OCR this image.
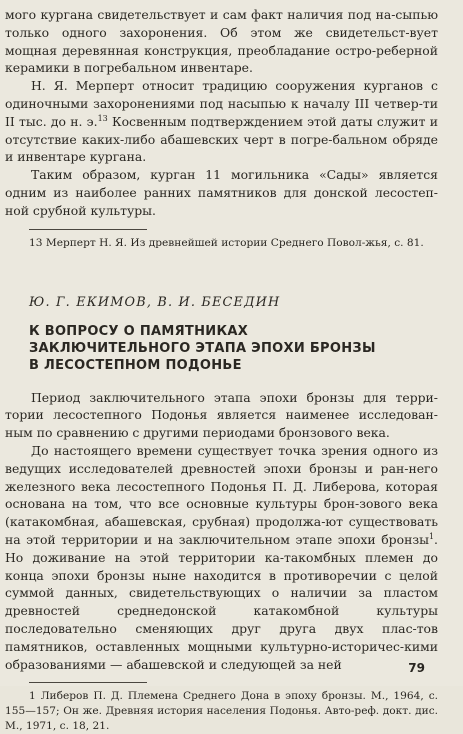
мого кургана свидетельствует и сам факт наличия под на-сыпью только одного захоронения. Об этом же свидетельст-вует мощная деревянная конструкция, преобладание остро-реберной керамики в погребальном инвентаре.

Н. Я. Мерперт относит традицию сооружения курганов с одиночными захоронениями под насыпью к началу III четвер-ти II тыс. до н. э.$^{13}$ Косвенным подтверждением этой даты служит и отсутствие каких-либо абашевских черт в погре-бальном обряде и инвентаре кургана.

Таким образом, курган 11 могильника «Сады» является одним из наиболее ранних памятников для донской лесостеп-ной срубной культуры.

13 Мерперт Н. Я. Из древнейшей истории Среднего Повол-жья, с. 81.

Ю. Г. ЕКИМОВ, В. И. БЕСЕДИН
К ВОПРОСУ О ПАМЯТНИКАХ
ЗАКЛЮЧИТЕЛЬНОГО ЭТАПА ЭПОХИ БРОНЗЫ
В ЛЕСОСТЕПНОМ ПОДОНЬЕ

Период заключительного этапа эпохи бронзы для терри-тории лесостепного Подонья является наименее исследован-ным по сравнению с другими периодами бронзового века.

До настоящего времени существует точка зрения одного из ведущих исследователей древностей эпохи бронзы и ран-него железного века лесостепного Подонья П. Д. Либерова, которая основана на том, что все основные культуры брон-зового века (катакомбная, абашевская, срубная) продолжа-ют существовать на этой территории и на заключительном этапе эпохи бронзы$^1$. Но доживание на этой территории ка-такомбных племен до конца эпохи бронзы ныне находится в противоречии с целой суммой данных, свидетельствующих о наличии за пластом древностей среднедонской катакомбной культуры последовательно сменяющих друг друга двух плас-тов памятников, оставленных мощными культурно-историчес-кими образованиями — абашевской и следующей за ней

1 Либеров П. Д. Племена Среднего Дона в эпоху бронзы. М., 1964, с. 155—157; Он же. Древняя история населения Подонья. Авто-реф. докт. дис. М., 1971, с. 18, 21.

79
